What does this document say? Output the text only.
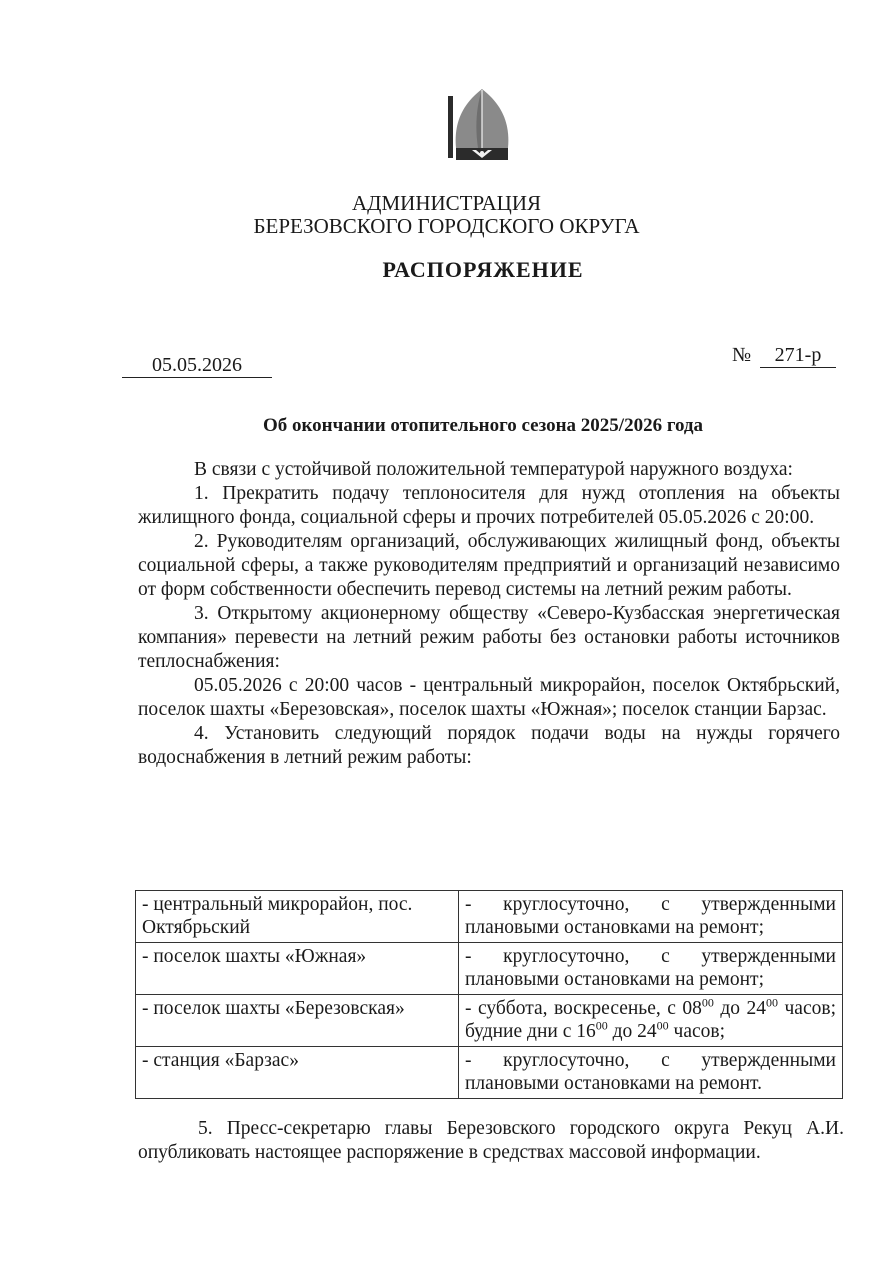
АДМИНИСТРАЦИЯ
БЕРЕЗОВСКОГО ГОРОДСКОГО ОКРУГА
РАСПОРЯЖЕНИЕ
05.05.2026	№	271-р
Об окончании отопительного сезона 2025/2026 года

В связи с устойчивой положительной температурой наружного воздуха:

1. Прекратить подачу теплоносителя для нужд отопления на объекты жилищного фонда, социальной сферы и прочих потребителей 05.05.2026 с 20:00.

2. Руководителям организаций, обслуживающих жилищный фонд, объекты социальной сферы, а также руководителям предприятий и организаций независимо от форм собственности обеспечить перевод системы на летний режим работы.

3. Открытому акционерному обществу «Северо-Кузбасская энергетическая компания» перевести на летний режим работы без остановки работы источников теплоснабжения:

05.05.2026 с 20:00 часов - центральный микрорайон, поселок Октябрьский, поселок шахты «Березовская», поселок шахты «Южная»; поселок станции Барзас.

4. Установить следующий порядок подачи воды на нужды горячего водоснабжения в летний режим работы:

- центральный микрорайон, пос. Октябрьский	- круглосуточно, с утвержденными плановыми остановками на ремонт;
- поселок шахты «Южная»	- круглосуточно, с утвержденными плановыми остановками на ремонт;
- поселок шахты «Березовская»	- суббота, воскресенье, с $08^{00}$ до $24^{00}$ часов; будние дни с $16^{00}$ до $24^{00}$ часов;
- станция «Барзас»	- круглосуточно, с утвержденными плановыми остановками на ремонт.

5. Пресс-секретарю главы Березовского городского округа Рекуц А.И. опубликовать настоящее распоряжение в средствах массовой информации.
